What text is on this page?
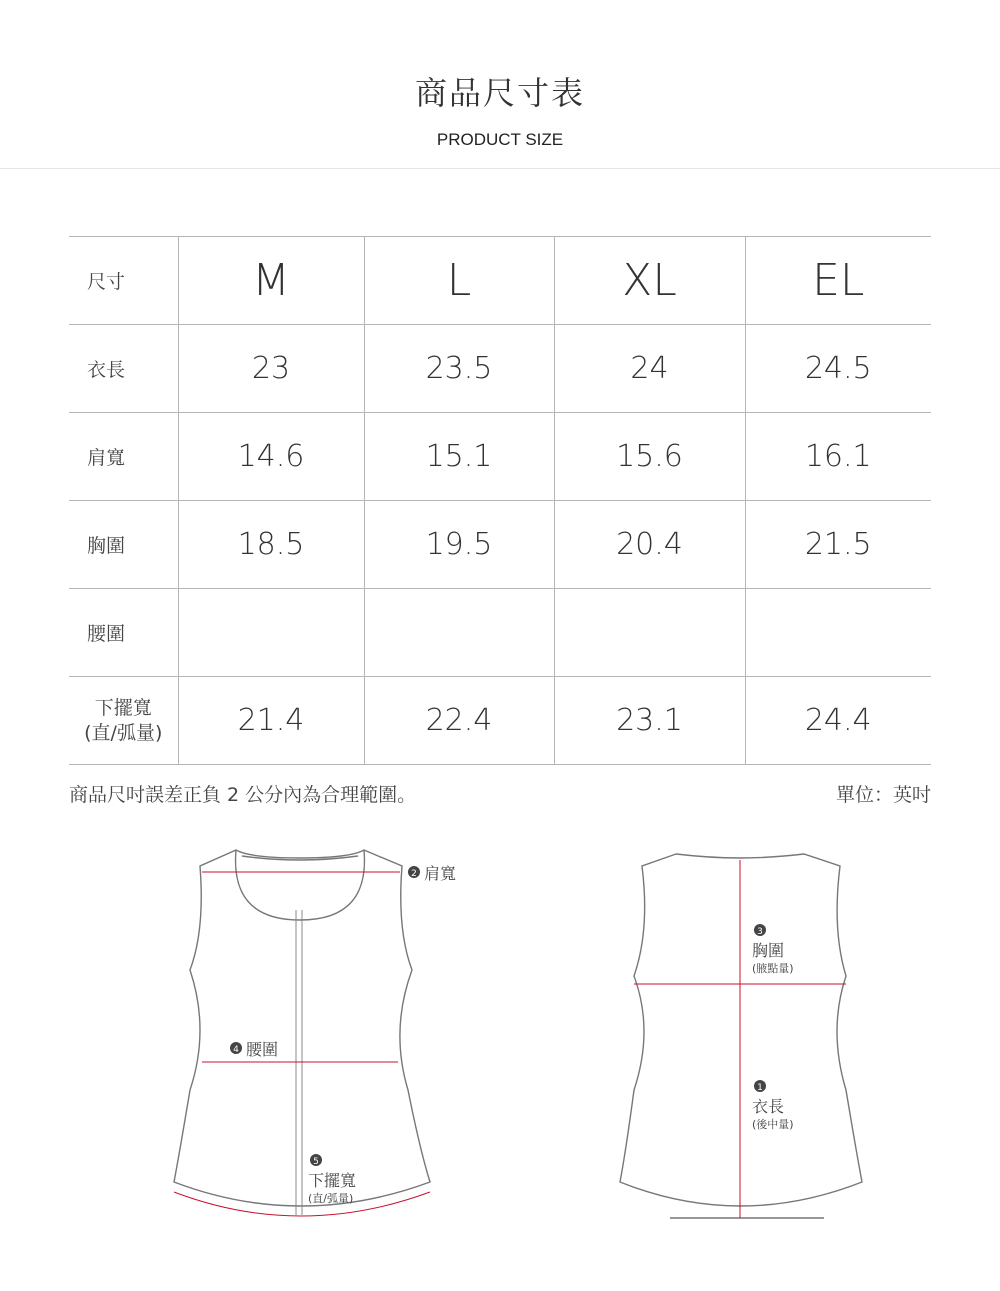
商品尺寸表
PRODUCT SIZE
尺寸	M	L	XL	EL
衣長	23	23.5	24	24.5
肩寬	14.6	15.1	15.6	16.1
胸圍	18.5	19.5	20.4	21.5
腰圍				

下擺寬
(直/弧量)	21.4	22.4	23.1	24.4
商品尺吋誤差正負 2 公分內為合理範圍。	單位：英吋
2 肩寬
4 腰圍
5
下擺寬
(直/弧量)
3
胸圍
(腋點量)
1
衣長
(後中量)
